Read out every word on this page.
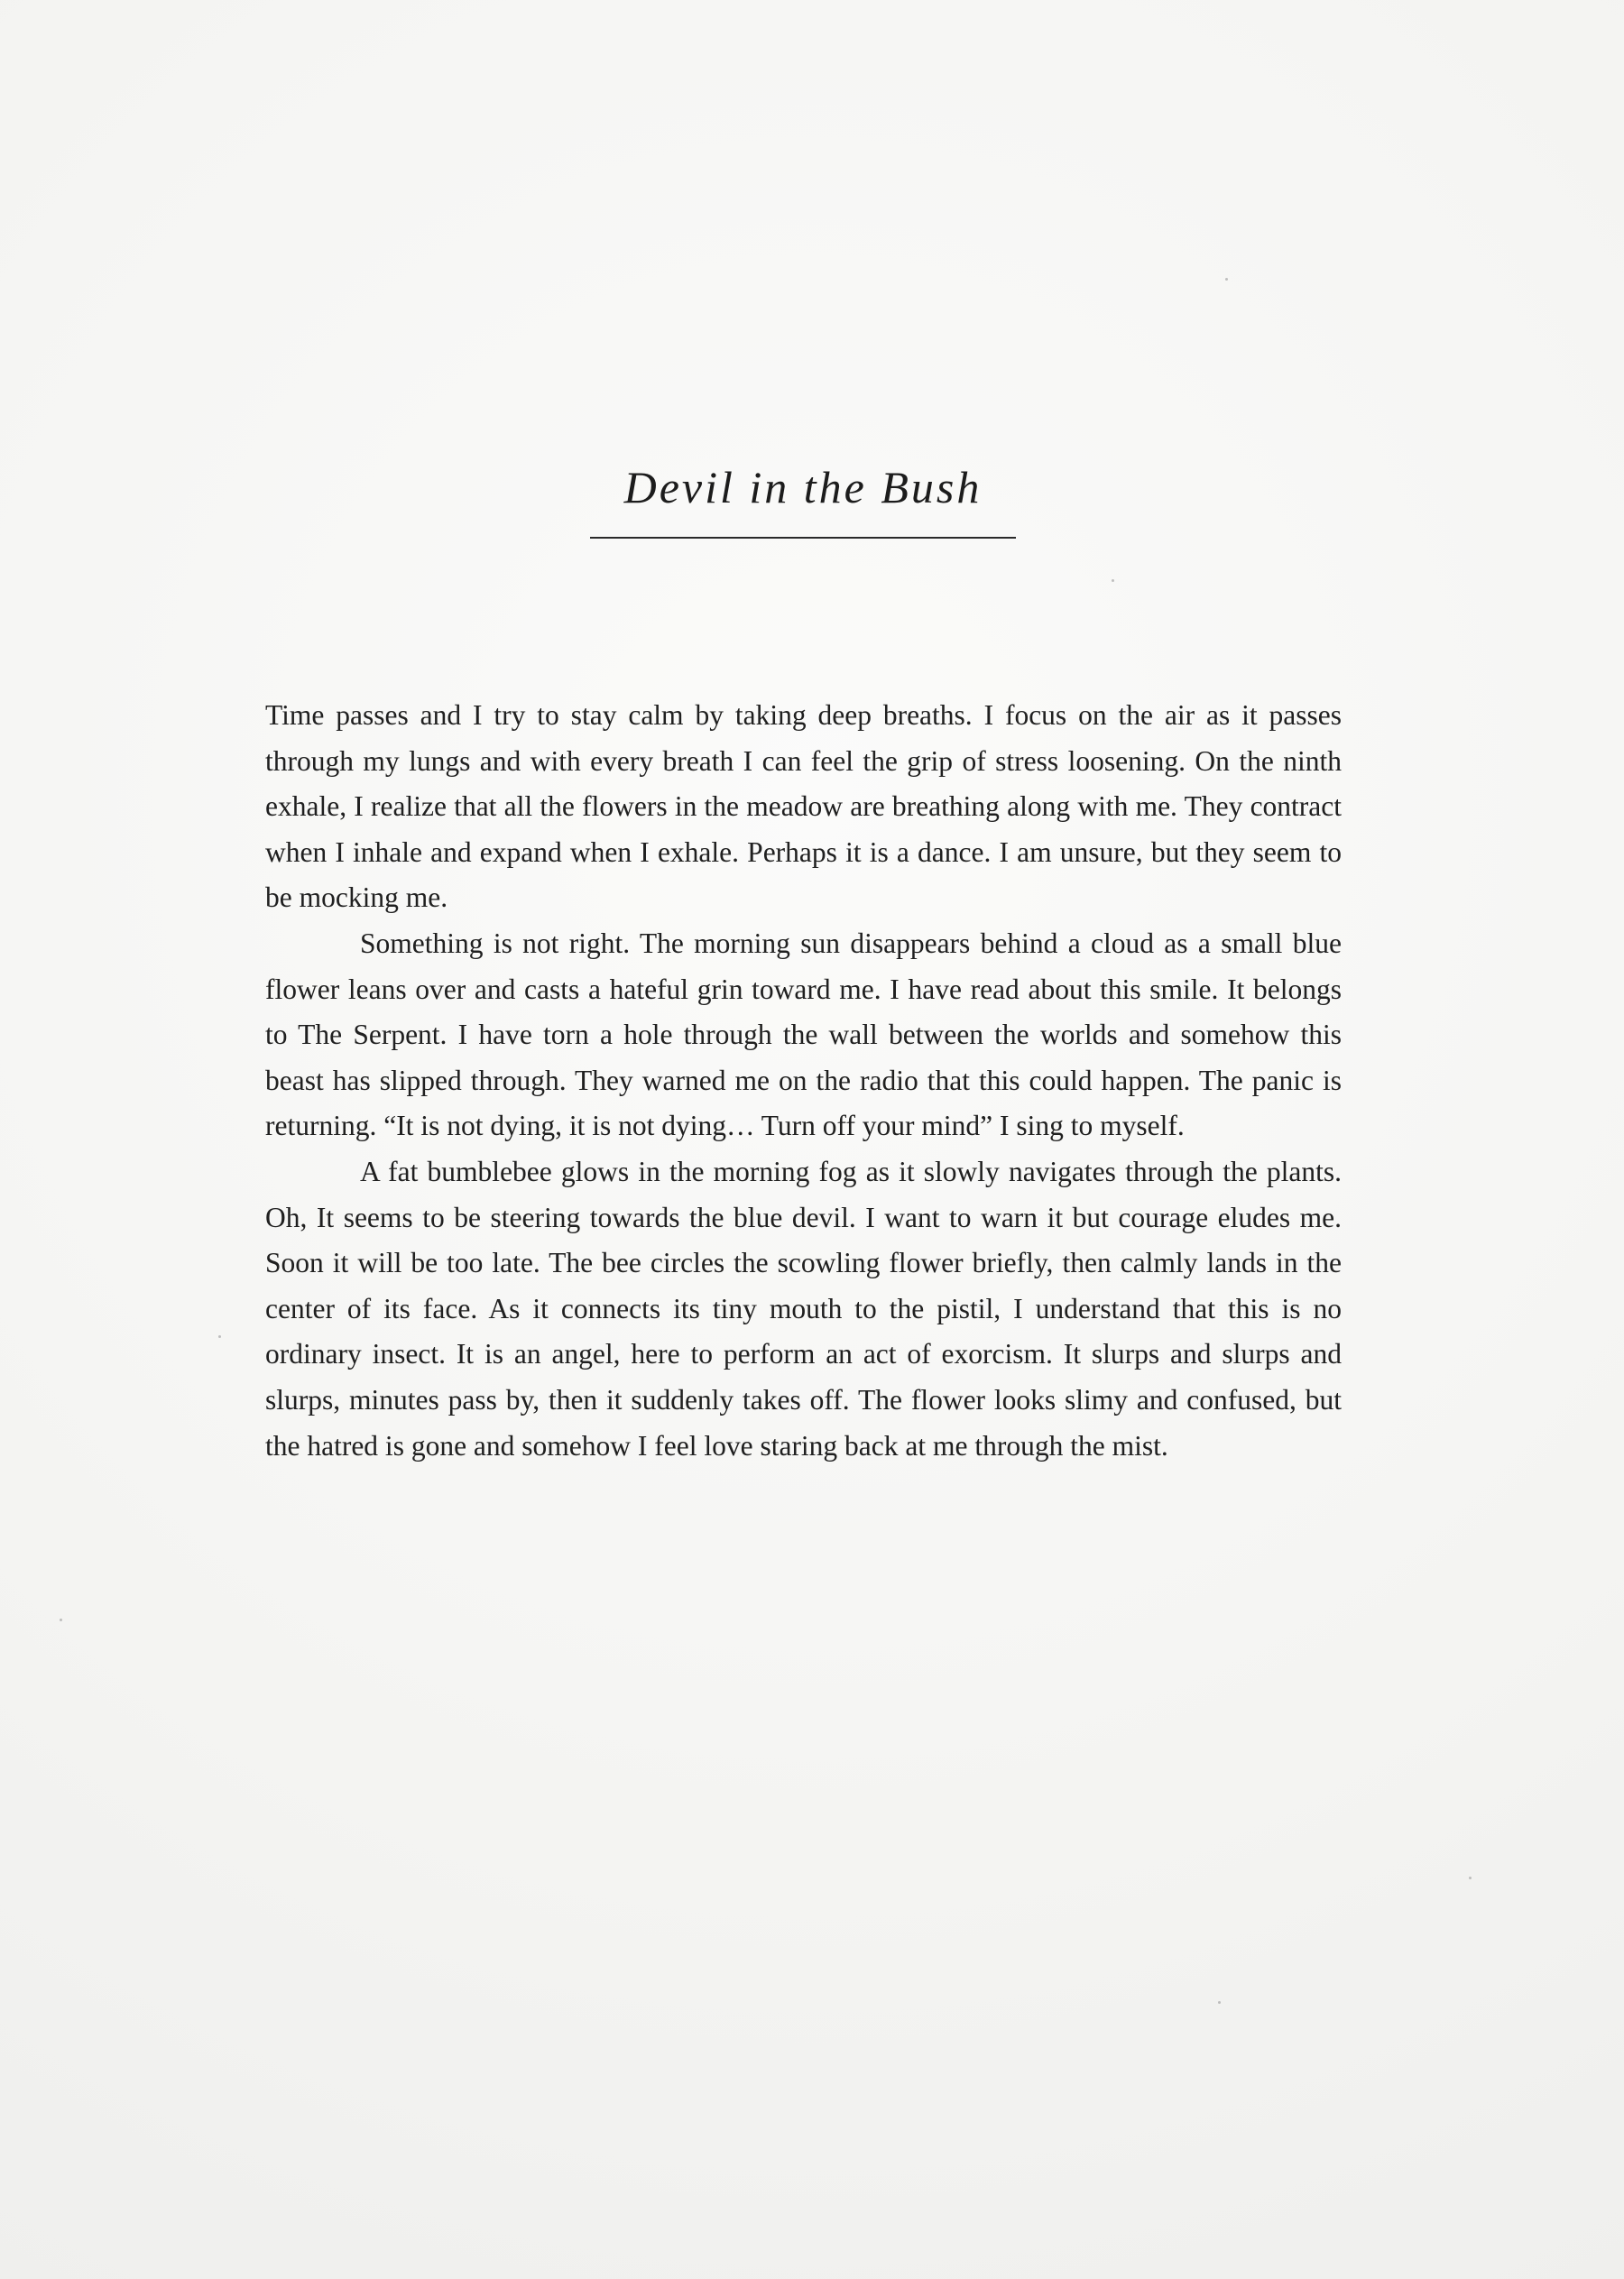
Devil in the Bush

Time passes and I try to stay calm by taking deep breaths. I focus on the air as it passes through my lungs and with every breath I can feel the grip of stress loosening. On the ninth exhale, I realize that all the flowers in the meadow are breathing along with me. They contract when I inhale and expand when I exhale. Perhaps it is a dance. I am unsure, but they seem to be mocking me.

Something is not right. The morning sun disappears behind a cloud as a small blue flower leans over and casts a hateful grin toward me. I have read about this smile. It belongs to The Serpent. I have torn a hole through the wall between the worlds and somehow this beast has slipped through. They warned me on the radio that this could happen. The panic is returning. “It is not dying, it is not dying… Turn off your mind” I sing to myself.

A fat bumblebee glows in the morning fog as it slowly navigates through the plants. Oh, It seems to be steering towards the blue devil. I want to warn it but courage eludes me. Soon it will be too late. The bee circles the scowling flower briefly, then calmly lands in the center of its face. As it connects its tiny mouth to the pistil, I understand that this is no ordinary insect. It is an angel, here to perform an act of exorcism. It slurps and slurps and slurps, minutes pass by, then it suddenly takes off. The flower looks slimy and confused, but the hatred is gone and somehow I feel love staring back at me through the mist.
